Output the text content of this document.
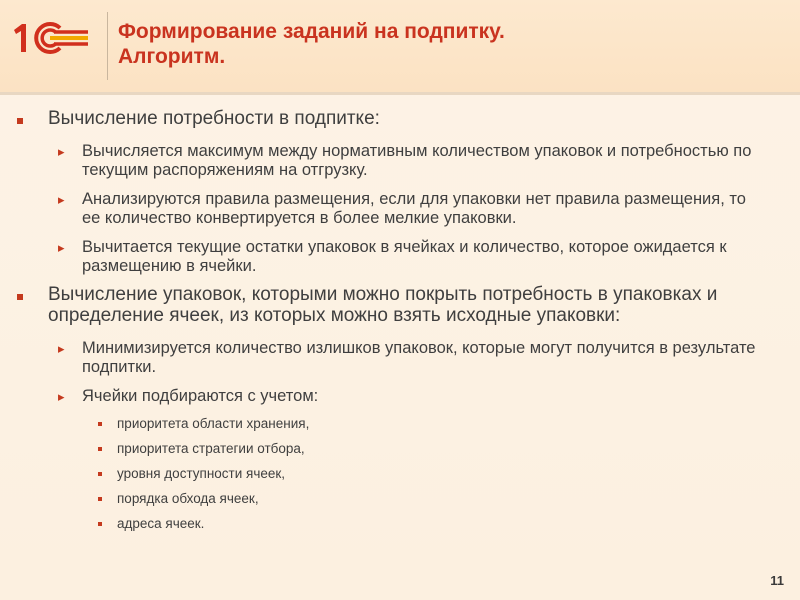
Формирование заданий на подпитку.
Алгоритм.
Вычисление потребности в подпитке:
▸ Вычисляется максимум между нормативным количеством упаковок и потребностью по текущим распоряжениям на отгрузку.
▸ Анализируются правила размещения, если для упаковки нет правила размещения, то ее количество конвертируется в более мелкие упаковки.
▸ Вычитается текущие остатки упаковок в ячейках и количество, которое ожидается к размещению в ячейки.
Вычисление упаковок, которыми можно покрыть потребность в упаковках и определение ячеек, из которых можно взять исходные упаковки:
▸ Минимизируется количество излишков упаковок, которые могут получится в результате подпитки.
▸ Ячейки подбираются с учетом:
приоритета области хранения,
приоритета стратегии отбора,
уровня доступности ячеек,
порядка обхода ячеек,
адреса ячеек.
11
